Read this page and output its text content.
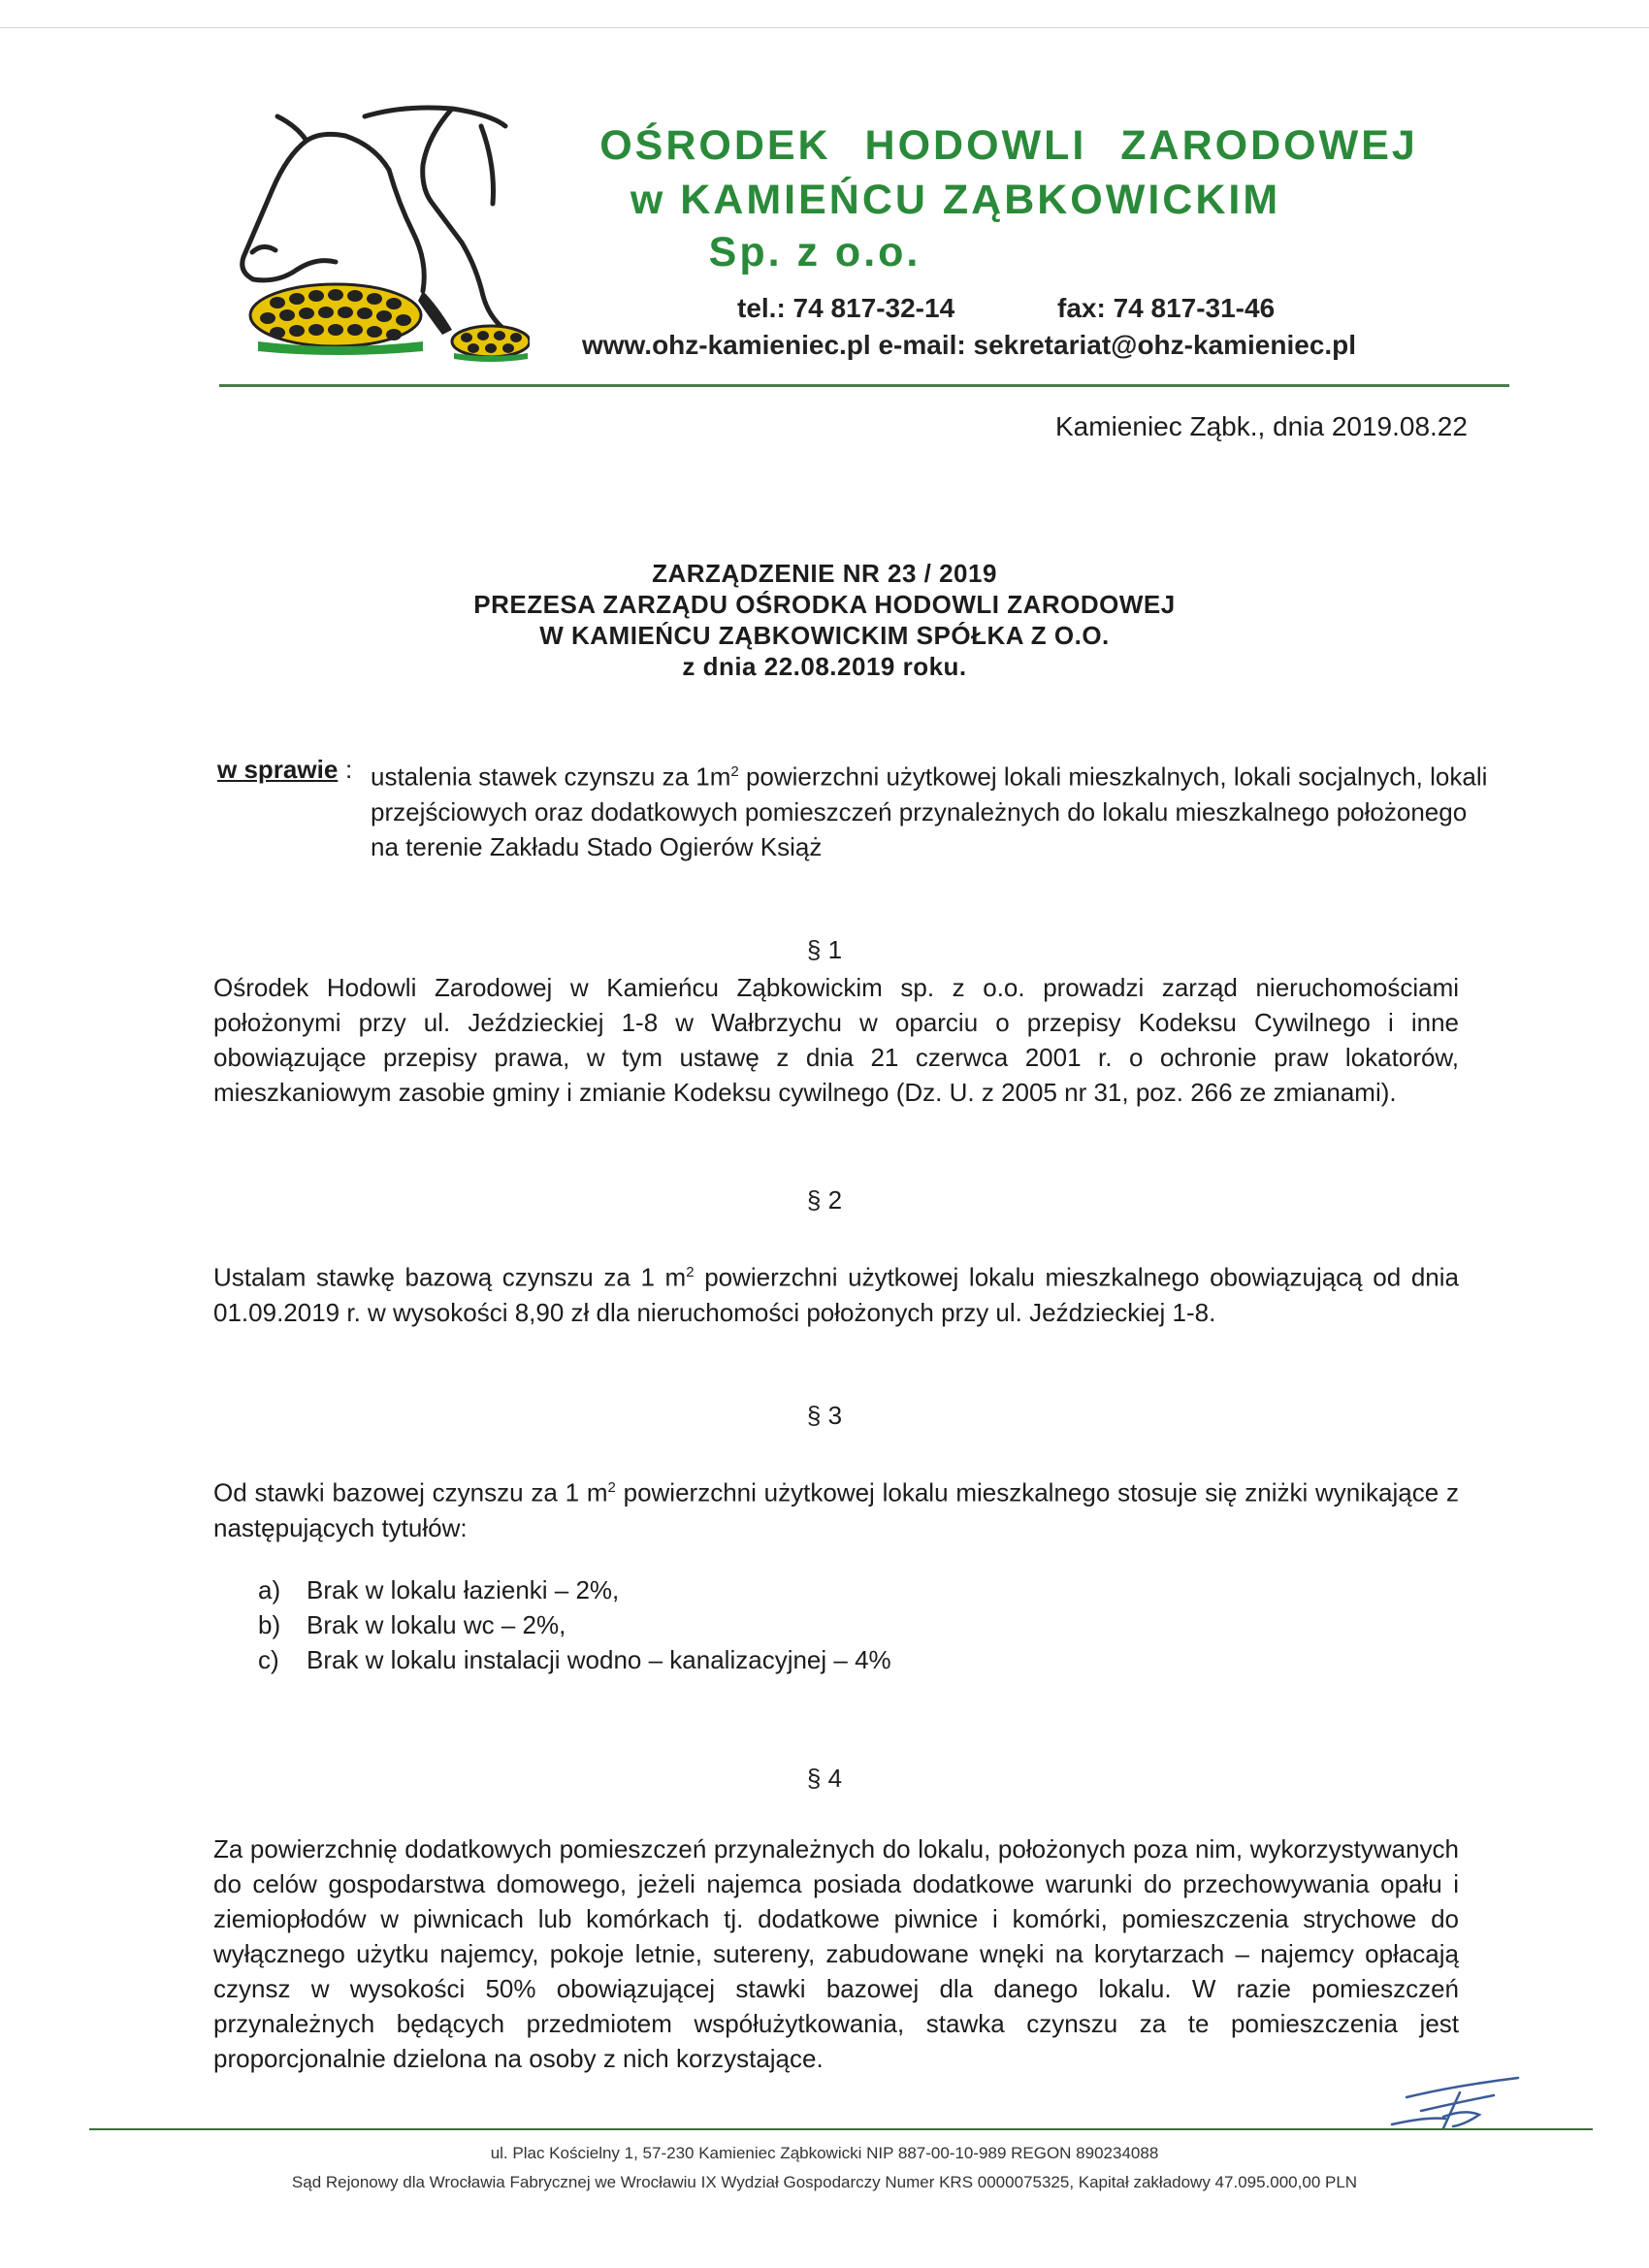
OŚRODEK HODOWLI ZARODOWEJ
w KAMIEŃCU ZĄBKOWICKIM
Sp. z o.o.
tel.: 74 817-32-14	fax: 74 817-31-46
www.ohz-kamieniec.pl e-mail: sekretariat@ohz-kamieniec.pl
Kamieniec Ząbk., dnia 2019.08.22
ZARZĄDZENIE NR 23 / 2019
PREZESA ZARZĄDU OŚRODKA HODOWLI ZARODOWEJ
W KAMIEŃCU ZĄBKOWICKIM SPÓŁKA Z O.O.
z dnia 22.08.2019 roku.
w sprawie : ustalenia stawek czynszu za $1m^2$ powierzchni użytkowej lokali mieszkalnych, lokali socjalnych, lokali przejściowych oraz dodatkowych pomieszczeń przynależnych do lokalu mieszkalnego położonego na terenie Zakładu Stado Ogierów Książ
§ 1
Ośrodek Hodowli Zarodowej w Kamieńcu Ząbkowickim sp. z o.o. prowadzi zarząd nieruchomościami położonymi przy ul. Jeździeckiej 1-8 w Wałbrzychu w oparciu o przepisy Kodeksu Cywilnego i inne obowiązujące przepisy prawa, w tym ustawę z dnia 21 czerwca 2001 r. o ochronie praw lokatorów, mieszkaniowym zasobie gminy i zmianie Kodeksu cywilnego (Dz. U. z 2005 nr 31, poz. 266 ze zmianami).
§ 2
Ustalam stawkę bazową czynszu za 1 $m^2$ powierzchni użytkowej lokalu mieszkalnego obowiązującą od dnia 01.09.2019 r. w wysokości 8,90 zł dla nieruchomości położonych przy ul. Jeździeckiej 1-8.
§ 3
Od stawki bazowej czynszu za 1 $m^2$ powierzchni użytkowej lokalu mieszkalnego stosuje się zniżki wynikające z następujących tytułów:
a)	Brak w lokalu łazienki – 2%,
b)	Brak w lokalu wc – 2%,
c)	Brak w lokalu instalacji wodno – kanalizacyjnej – 4%
§ 4
Za powierzchnię dodatkowych pomieszczeń przynależnych do lokalu, położonych poza nim, wykorzystywanych do celów gospodarstwa domowego, jeżeli najemca posiada dodatkowe warunki do przechowywania opału i ziemiopłodów w piwnicach lub komórkach tj. dodatkowe piwnice i komórki, pomieszczenia strychowe do wyłącznego użytku najemcy, pokoje letnie, sutereny, zabudowane wnęki na korytarzach – najemcy opłacają czynsz w wysokości 50% obowiązującej stawki bazowej dla danego lokalu. W razie pomieszczeń przynależnych będących przedmiotem współużytkowania, stawka czynszu za te pomieszczenia jest proporcjonalnie dzielona na osoby z nich korzystające.
ul. Plac Kościelny 1, 57-230 Kamieniec Ząbkowicki NIP 887-00-10-989 REGON 890234088
Sąd Rejonowy dla Wrocławia Fabrycznej we Wrocławiu IX Wydział Gospodarczy Numer KRS 0000075325, Kapitał zakładowy 47.095.000,00 PLN
